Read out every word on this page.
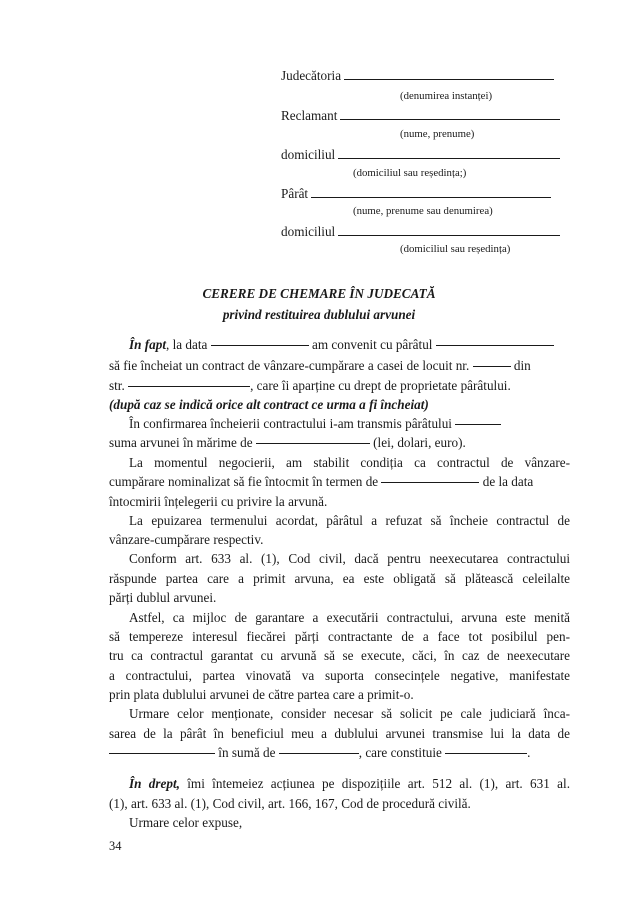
Judecătoria
(denumirea instanței)
Reclamant
(nume, prenume)
domiciliul
(domiciliul sau reședința;)
Pârât
(nume, prenume sau denumirea)
domiciliul
(domiciliul sau reședința)
CERERE DE CHEMARE ÎN JUDECATĂ
privind restituirea dublului arvunei
În fapt, la data	am convenit cu pârâtul
să fie încheiat un contract de vânzare-cumpărare a casei de locuit nr.	din
str.	, care îi aparține cu drept de proprietate pârâtului.
(după caz se indică orice alt contract ce urma a fi încheiat)
În confirmarea încheierii contractului i-am transmis pârâtului
suma arvunei în mărime de	(lei, dolari, euro).
La momentul negocierii, am stabilit condiția ca contractul de vânzare-
cumpărare nominalizat să fie întocmit în termen de	de la data
întocmirii înțelegerii cu privire la arvună.
La epuizarea termenului acordat, pârâtul a refuzat să încheie contractul de
vânzare-cumpărare respectiv.
Conform art. 633 al. (1), Cod civil, dacă pentru neexecutarea contractului
răspunde partea care a primit arvuna, ea este obligată să plătească celeilalte
părți dublul arvunei.
Astfel, ca mijloc de garantare a executării contractului, arvuna este menită
să tempereze interesul fiecărei părți contractante de a face tot posibilul pen-
tru ca contractul garantat cu arvună să se execute, căci, în caz de neexecutare
a contractului, partea vinovată va suporta consecințele negative, manifestate
prin plata dublului arvunei de către partea care a primit-o.
Urmare celor menționate, consider necesar să solicit pe cale judiciară înca-
sarea de la pârât în beneficiul meu a dublului arvunei transmise lui la data de
în sumă de	, care constituie	.
În drept, îmi întemeiez acțiunea pe dispozițiile art. 512 al. (1), art. 631 al.
(1), art. 633 al. (1), Cod civil, art. 166, 167, Cod de procedură civilă.
Urmare celor expuse,
34
